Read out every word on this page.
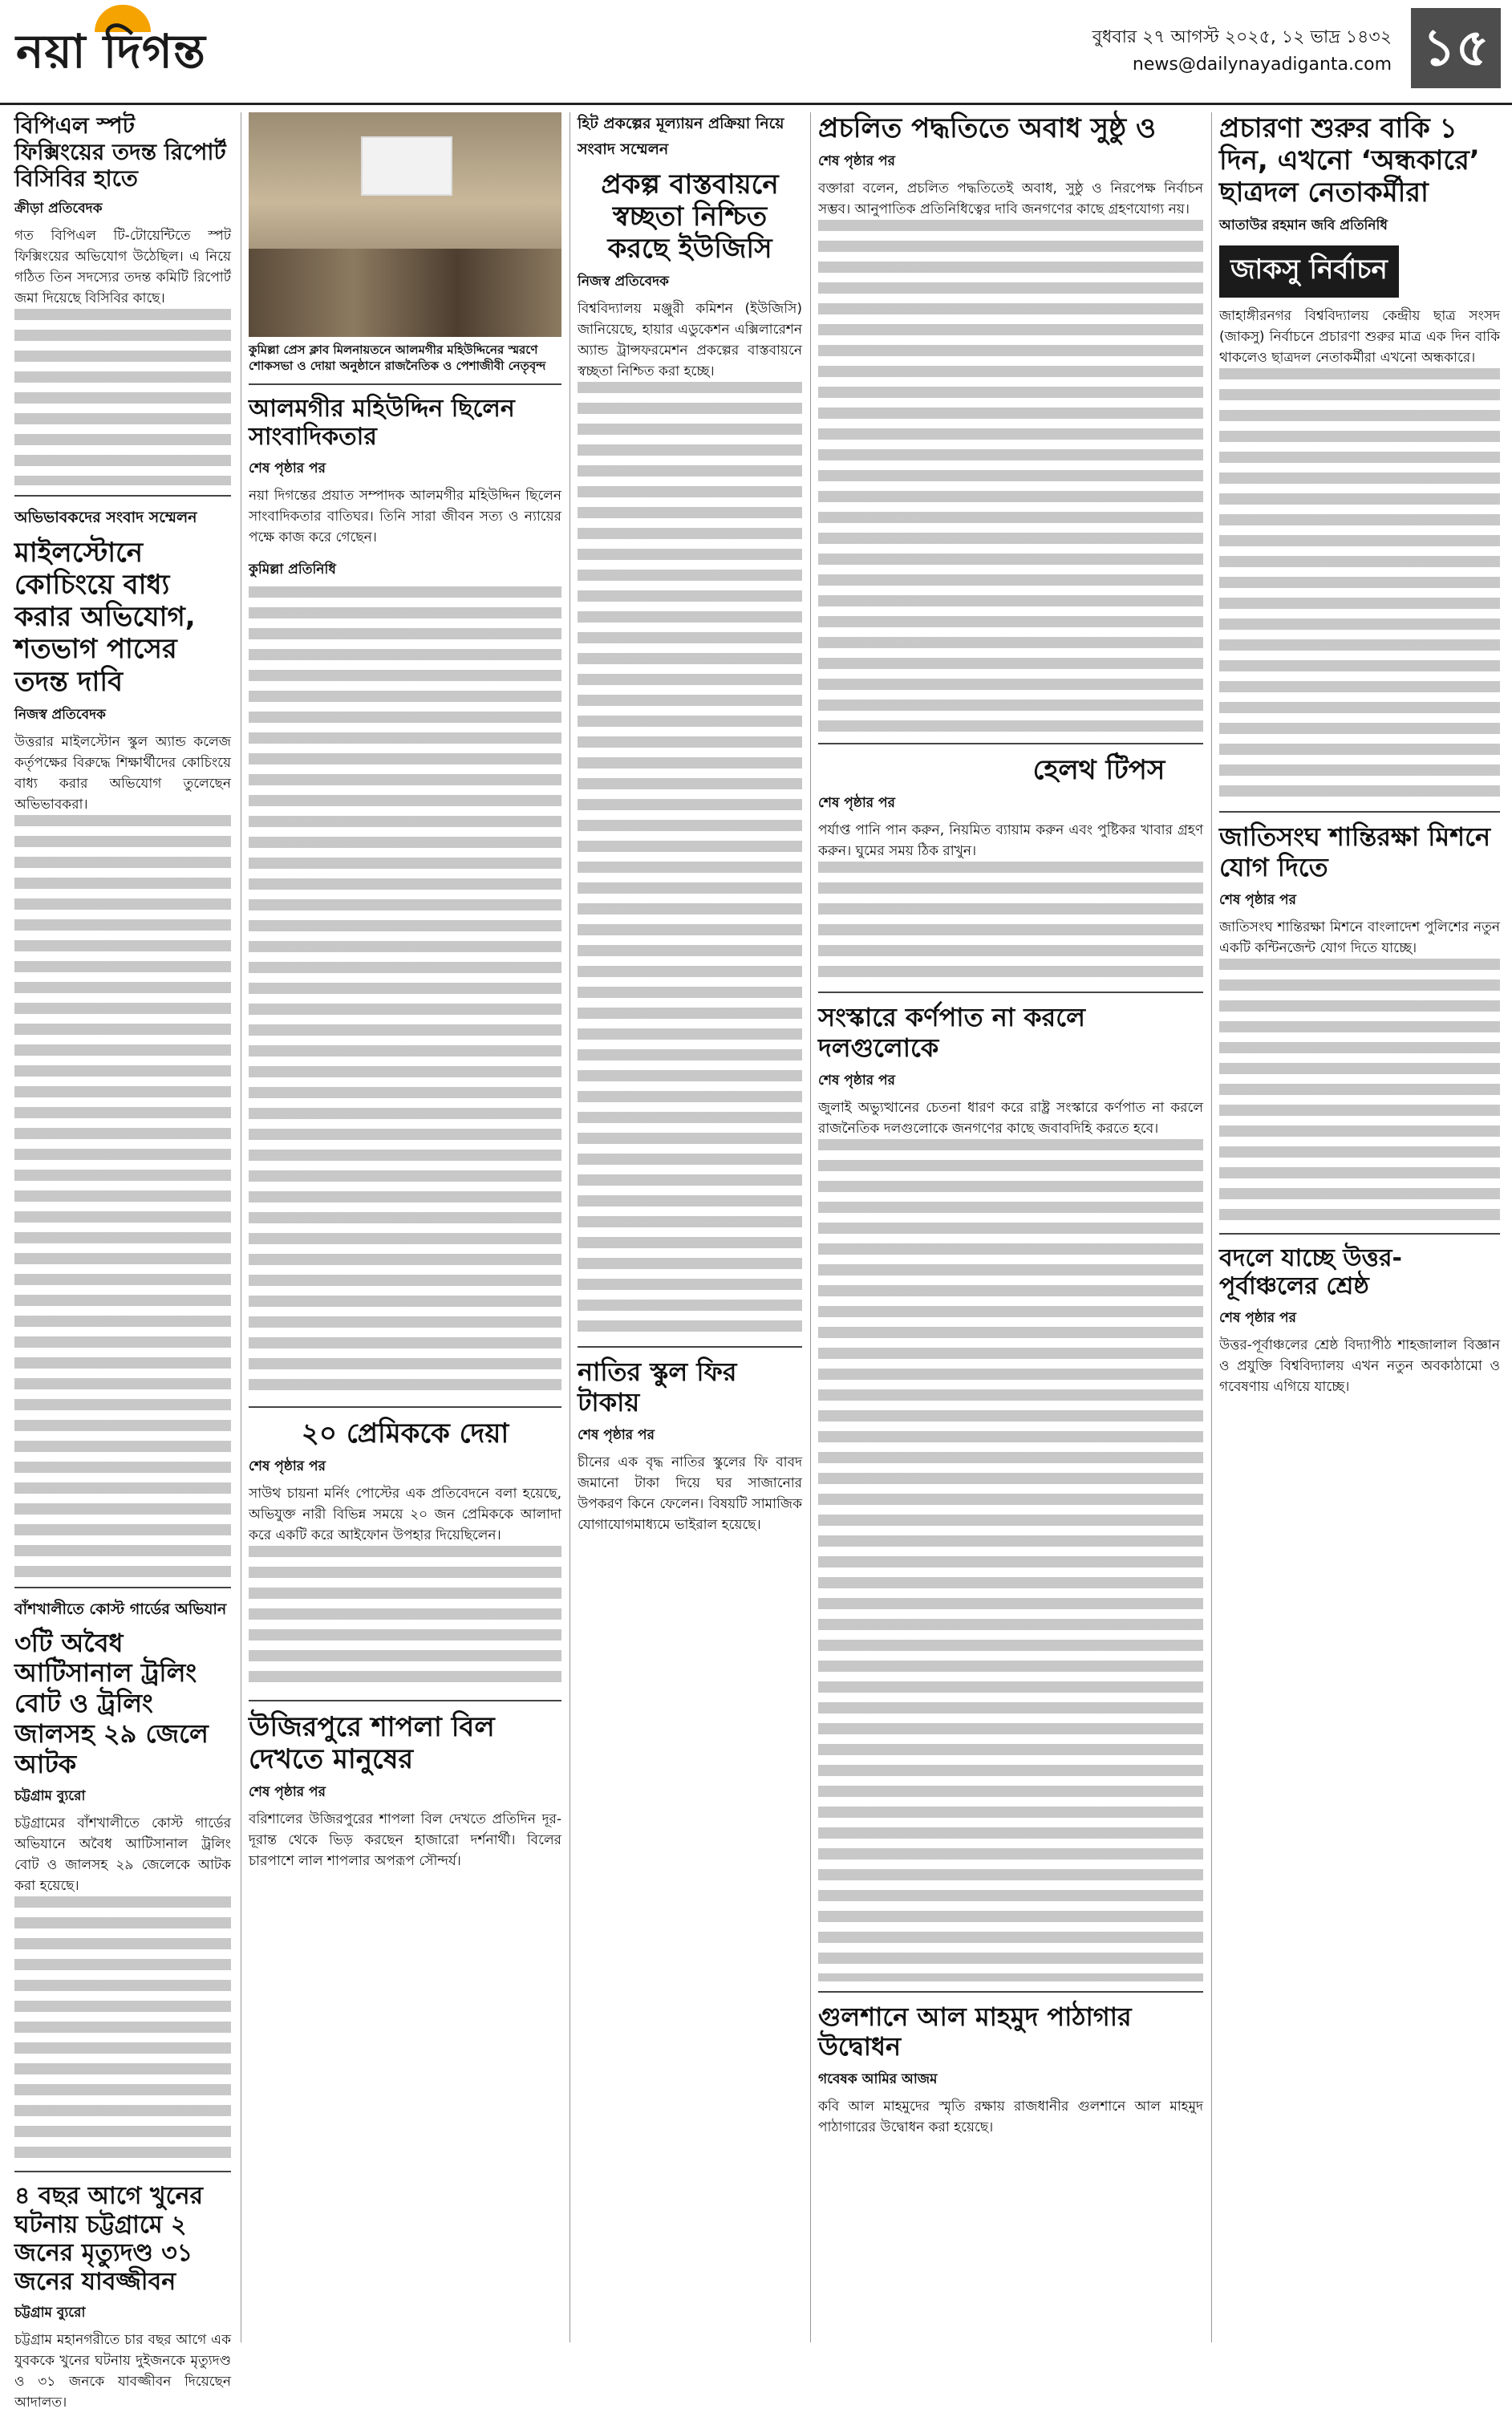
নয়া দিগন্ত	বুধবার ২৭ আগস্ট ২০২৫, ১২ ভাদ্র ১৪৩২
news@dailynayadiganta.com ১৫
বিপিএল স্পট ফিক্সিংয়ের তদন্ত রিপোর্ট বিসিবির হাতে

ক্রীড়া প্রতিবেদক

গত বিপিএল টি-টোয়েন্টিতে স্পট ফিক্সিংয়ের অভিযোগ উঠেছিল। এ নিয়ে গঠিত তিন সদস্যের তদন্ত কমিটি রিপোর্ট জমা দিয়েছে বিসিবির কাছে।

অভিভাবকদের সংবাদ সম্মেলন

মাইলস্টোনে কোচিংয়ে বাধ্য করার অভিযোগ, শতভাগ পাসের তদন্ত দাবি

নিজস্ব প্রতিবেদক

উত্তরার মাইলস্টোন স্কুল অ্যান্ড কলেজ কর্তৃপক্ষের বিরুদ্ধে শিক্ষার্থীদের কোচিংয়ে বাধ্য করার অভিযোগ তুলেছেন অভিভাবকরা।

বাঁশখালীতে কোস্ট গার্ডের অভিযান

৩টি অবৈধ আটিসানাল ট্রলিং বোট ও ট্রলিং জালসহ ২৯ জেলে আটক

চট্টগ্রাম ব্যুরো

চট্টগ্রামের বাঁশখালীতে কোস্ট গার্ডের অভিযানে অবৈধ আটিসানাল ট্রলিং বোট ও জালসহ ২৯ জেলেকে আটক করা হয়েছে।

৪ বছর আগে খুনের ঘটনায় চট্টগ্রামে ২ জনের মৃত্যুদণ্ড ৩১ জনের যাবজ্জীবন

চট্টগ্রাম ব্যুরো

চট্টগ্রাম মহানগরীতে চার বছর আগে এক যুবককে খুনের ঘটনায় দুইজনকে মৃত্যুদণ্ড ও ৩১ জনকে যাবজ্জীবন দিয়েছেন আদালত।

কুমিল্লা প্রেস ক্লাব মিলনায়তনে আলমগীর মহিউদ্দিনের স্মরণে শোকসভা ও দোয়া অনুষ্ঠানে রাজনৈতিক ও পেশাজীবী নেতৃবৃন্দ

আলমগীর মহিউদ্দিন ছিলেন সাংবাদিকতার

শেষ পৃষ্ঠার পর

নয়া দিগন্তের প্রয়াত সম্পাদক আলমগীর মহিউদ্দিন ছিলেন সাংবাদিকতার বাতিঘর। তিনি সারা জীবন সত্য ও ন্যায়ের পক্ষে কাজ করে গেছেন।

কুমিল্লা প্রতিনিধি

২০ প্রেমিককে দেয়া

শেষ পৃষ্ঠার পর

সাউথ চায়না মর্নিং পোস্টের এক প্রতিবেদনে বলা হয়েছে, অভিযুক্ত নারী বিভিন্ন সময়ে ২০ জন প্রেমিককে আলাদা করে একটি করে আইফোন উপহার দিয়েছিলেন।

উজিরপুরে শাপলা বিল দেখতে মানুষের

শেষ পৃষ্ঠার পর

বরিশালের উজিরপুরের শাপলা বিল দেখতে প্রতিদিন দূর-দূরান্ত থেকে ভিড় করছেন হাজারো দর্শনার্থী। বিলের চারপাশে লাল শাপলার অপরূপ সৌন্দর্য।

হিট প্রকল্পের মূল্যায়ন প্রক্রিয়া নিয়ে সংবাদ সম্মেলন

প্রকল্প বাস্তবায়নে স্বচ্ছতা নিশ্চিত করছে ইউজিসি

নিজস্ব প্রতিবেদক

বিশ্ববিদ্যালয় মঞ্জুরী কমিশন (ইউজিসি) জানিয়েছে, হায়ার এডুকেশন এক্সিলারেশন অ্যান্ড ট্রান্সফরমেশন প্রকল্পের বাস্তবায়নে স্বচ্ছতা নিশ্চিত করা হচ্ছে।

নাতির স্কুল ফির টাকায়

শেষ পৃষ্ঠার পর

চীনের এক বৃদ্ধ নাতির স্কুলের ফি বাবদ জমানো টাকা দিয়ে ঘর সাজানোর উপকরণ কিনে ফেলেন। বিষয়টি সামাজিক যোগাযোগমাধ্যমে ভাইরাল হয়েছে।

প্রচলিত পদ্ধতিতে অবাধ সুষ্ঠু ও

শেষ পৃষ্ঠার পর

বক্তারা বলেন, প্রচলিত পদ্ধতিতেই অবাধ, সুষ্ঠু ও নিরপেক্ষ নির্বাচন সম্ভব। আনুপাতিক প্রতিনিধিত্বের দাবি জনগণের কাছে গ্রহণযোগ্য নয়।

হেলথ টিপস

শেষ পৃষ্ঠার পর

পর্যাপ্ত পানি পান করুন, নিয়মিত ব্যায়াম করুন এবং পুষ্টিকর খাবার গ্রহণ করুন। ঘুমের সময় ঠিক রাখুন।

সংস্কারে কর্ণপাত না করলে দলগুলোকে

শেষ পৃষ্ঠার পর

জুলাই অভ্যুত্থানের চেতনা ধারণ করে রাষ্ট্র সংস্কারে কর্ণপাত না করলে রাজনৈতিক দলগুলোকে জনগণের কাছে জবাবদিহি করতে হবে।

গুলশানে আল মাহমুদ পাঠাগার উদ্বোধন

গবেষক আমির আজম

কবি আল মাহমুদের স্মৃতি রক্ষায় রাজধানীর গুলশানে আল মাহমুদ পাঠাগারের উদ্বোধন করা হয়েছে।

প্রচারণা শুরুর বাকি ১ দিন, এখনো ‘অন্ধকারে’ ছাত্রদল নেতাকর্মীরা

আতাউর রহমান জবি প্রতিনিধি

জাকসু নির্বাচন

জাহাঙ্গীরনগর বিশ্ববিদ্যালয় কেন্দ্রীয় ছাত্র সংসদ (জাকসু) নির্বাচনে প্রচারণা শুরুর মাত্র এক দিন বাকি থাকলেও ছাত্রদল নেতাকর্মীরা এখনো অন্ধকারে।

জাতিসংঘ শান্তিরক্ষা মিশনে যোগ দিতে

শেষ পৃষ্ঠার পর

জাতিসংঘ শান্তিরক্ষা মিশনে বাংলাদেশ পুলিশের নতুন একটি কন্টিনজেন্ট যোগ দিতে যাচ্ছে।

বদলে যাচ্ছে উত্তর-পূর্বাঞ্চলের শ্রেষ্ঠ

শেষ পৃষ্ঠার পর

উত্তর-পূর্বাঞ্চলের শ্রেষ্ঠ বিদ্যাপীঠ শাহজালাল বিজ্ঞান ও প্রযুক্তি বিশ্ববিদ্যালয় এখন নতুন অবকাঠামো ও গবেষণায় এগিয়ে যাচ্ছে।
